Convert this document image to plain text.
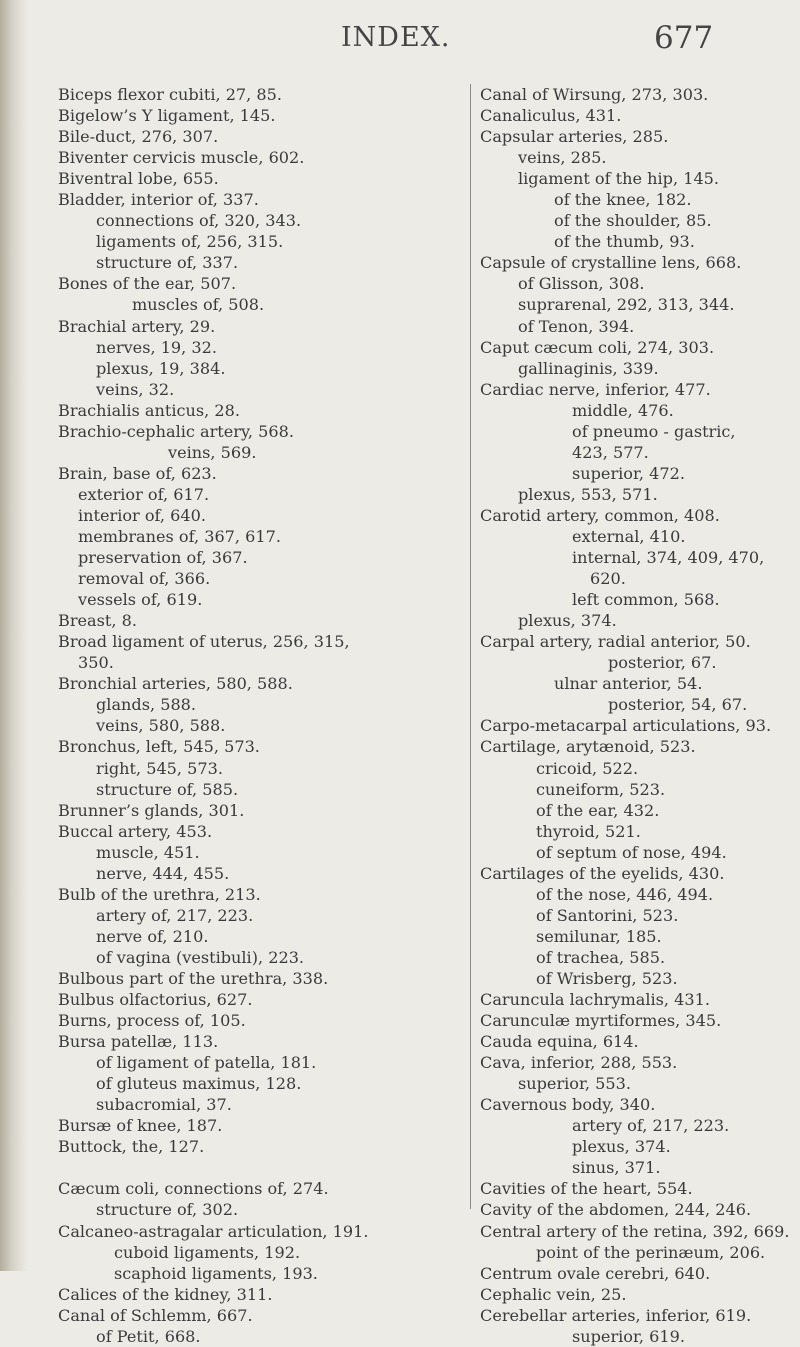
INDEX.	677
Biceps flexor cubiti, 27, 85.
Bigelow’s Y ligament, 145.
Bile-duct, 276, 307.
Biventer cervicis muscle, 602.
Biventral lobe, 655.
Bladder, interior of, 337.
connections of, 320, 343.
ligaments of, 256, 315.
structure of, 337.
Bones of the ear, 507.
muscles of, 508.
Brachial artery, 29.
nerves, 19, 32.
plexus, 19, 384.
veins, 32.
Brachialis anticus, 28.
Brachio-cephalic artery, 568.
veins, 569.
Brain, base of, 623.
exterior of, 617.
interior of, 640.
membranes of, 367, 617.
preservation of, 367.
removal of, 366.
vessels of, 619.
Breast, 8.
Broad ligament of uterus, 256, 315,
350.
Bronchial arteries, 580, 588.
glands, 588.
veins, 580, 588.
Bronchus, left, 545, 573.
right, 545, 573.
structure of, 585.
Brunner’s glands, 301.
Buccal artery, 453.
muscle, 451.
nerve, 444, 455.
Bulb of the urethra, 213.
artery of, 217, 223.
nerve of, 210.
of vagina (vestibuli), 223.
Bulbous part of the urethra, 338.
Bulbus olfactorius, 627.
Burns, process of, 105.
Bursa patellæ, 113.
of ligament of patella, 181.
of gluteus maximus, 128.
subacromial, 37.
Bursæ of knee, 187.
Buttock, the, 127.
Cæcum coli, connections of, 274.
structure of, 302.
Calcaneo-astragalar articulation, 191.
cuboid ligaments, 192.
scaphoid ligaments, 193.
Calices of the kidney, 311.
Canal of Schlemm, 667.
of Petit, 668.
Canal of Wirsung, 273, 303.
Canaliculus, 431.
Capsular arteries, 285.
veins, 285.
ligament of the hip, 145.
of the knee, 182.
of the shoulder, 85.
of the thumb, 93.
Capsule of crystalline lens, 668.
of Glisson, 308.
suprarenal, 292, 313, 344.
of Tenon, 394.
Caput cæcum coli, 274, 303.
gallinaginis, 339.
Cardiac nerve, inferior, 477.
middle, 476.
of pneumo - gastric,
423, 577.
superior, 472.
plexus, 553, 571.
Carotid artery, common, 408.
external, 410.
internal, 374, 409, 470,
620.
left common, 568.
plexus, 374.
Carpal artery, radial anterior, 50.
posterior, 67.
ulnar anterior, 54.
posterior, 54, 67.
Carpo-metacarpal articulations, 93.
Cartilage, arytænoid, 523.
cricoid, 522.
cuneiform, 523.
of the ear, 432.
thyroid, 521.
of septum of nose, 494.
Cartilages of the eyelids, 430.
of the nose, 446, 494.
of Santorini, 523.
semilunar, 185.
of trachea, 585.
of Wrisberg, 523.
Caruncula lachrymalis, 431.
Carunculæ myrtiformes, 345.
Cauda equina, 614.
Cava, inferior, 288, 553.
superior, 553.
Cavernous body, 340.
artery of, 217, 223.
plexus, 374.
sinus, 371.
Cavities of the heart, 554.
Cavity of the abdomen, 244, 246.
Central artery of the retina, 392, 669.
point of the perinæum, 206.
Centrum ovale cerebri, 640.
Cephalic vein, 25.
Cerebellar arteries, inferior, 619.
superior, 619.
